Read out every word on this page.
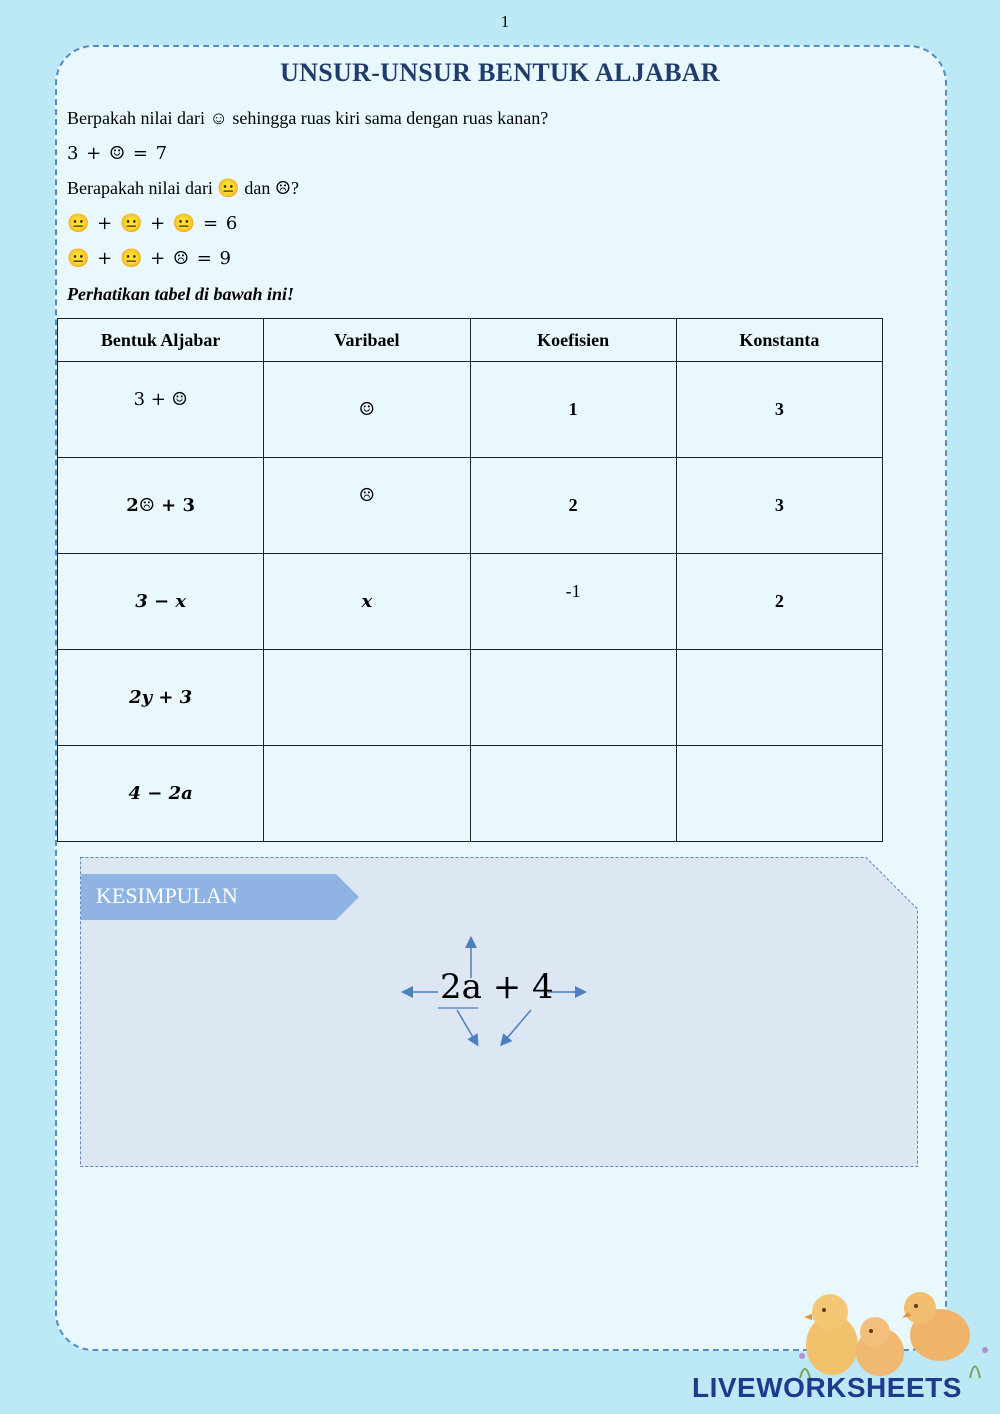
1
UNSUR-UNSUR BENTUK ALJABAR
Berpakah nilai dari ☺ sehingga ruas kiri sama dengan ruas kanan?
3 + ☺ = 7
Berapakah nilai dari 😐 dan ☹?
😐 + 😐 + 😐 = 6
😐 + 😐 + ☹ = 9
Perhatikan tabel di bawah ini!
Bentuk Aljabar	Varibael	Koefisien	Konstanta
3 + ☺	☺	1	3
2☹ + 3	☹	2	3
3 − x	x	-1	2
2y + 3			
4 − 2a			
KESIMPULAN
2a + 4
LIVEWORKSHEETS
